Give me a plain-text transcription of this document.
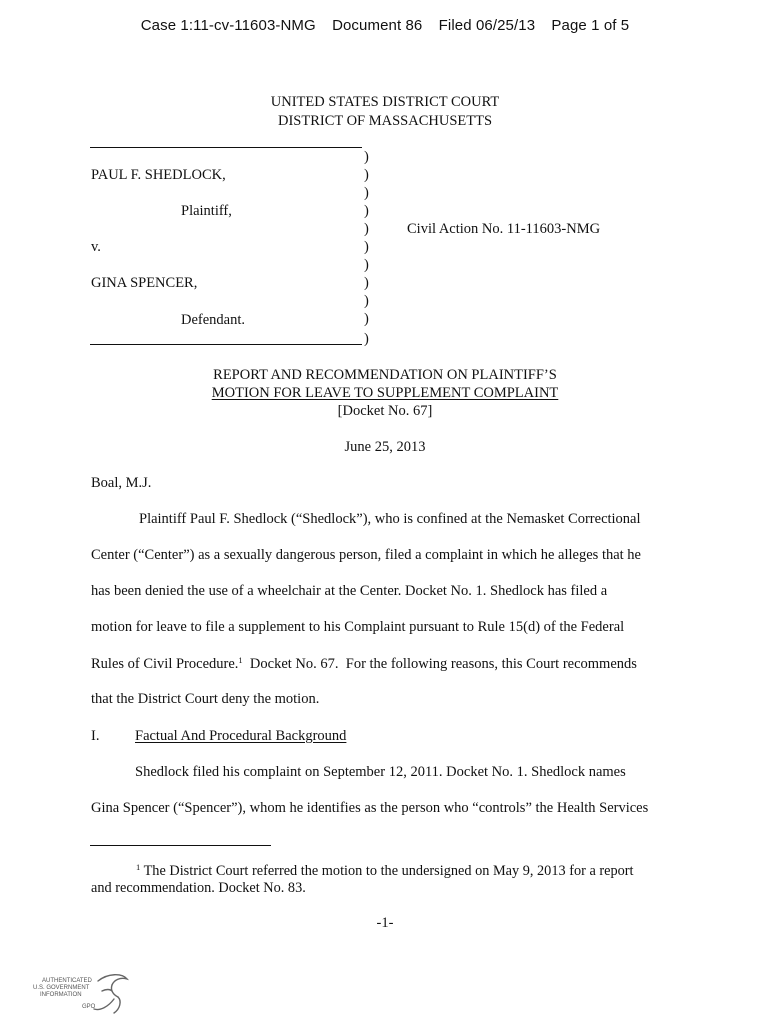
Case 1:11-cv-11603-NMG Document 86 Filed 06/25/13 Page 1 of 5
UNITED STATES DISTRICT COURT
DISTRICT OF MASSACHUSETTS
PAUL F. SHEDLOCK,
Plaintiff,
v.
GINA SPENCER,
Defendant.
Civil Action No. 11-11603-NMG
)
)
)
)
)
)
)
)
)
)
)
REPORT AND RECOMMENDATION ON PLAINTIFF’S
MOTION FOR LEAVE TO SUPPLEMENT COMPLAINT
[Docket No. 67]
June 25, 2013
Boal, M.J.
Plaintiff Paul F. Shedlock (“Shedlock”), who is confined at the Nemasket Correctional
Center (“Center”) as a sexually dangerous person, filed a complaint in which he alleges that he
has been denied the use of a wheelchair at the Center. Docket No. 1. Shedlock has filed a
motion for leave to file a supplement to his Complaint pursuant to Rule 15(d) of the Federal
Rules of Civil Procedure.$^1$  Docket No. 67.  For the following reasons, this Court recommends
that the District Court deny the motion.
I. Factual And Procedural Background
Shedlock filed his complaint on September 12, 2011. Docket No. 1. Shedlock names
Gina Spencer (“Spencer”), whom he identifies as the person who “controls” the Health Services
$^1$ The District Court referred the motion to the undersigned on May 9, 2013 for a report
and recommendation. Docket No. 83.
-1-
AUTHENTICATED
U.S. GOVERNMENT
INFORMATION
GPO
